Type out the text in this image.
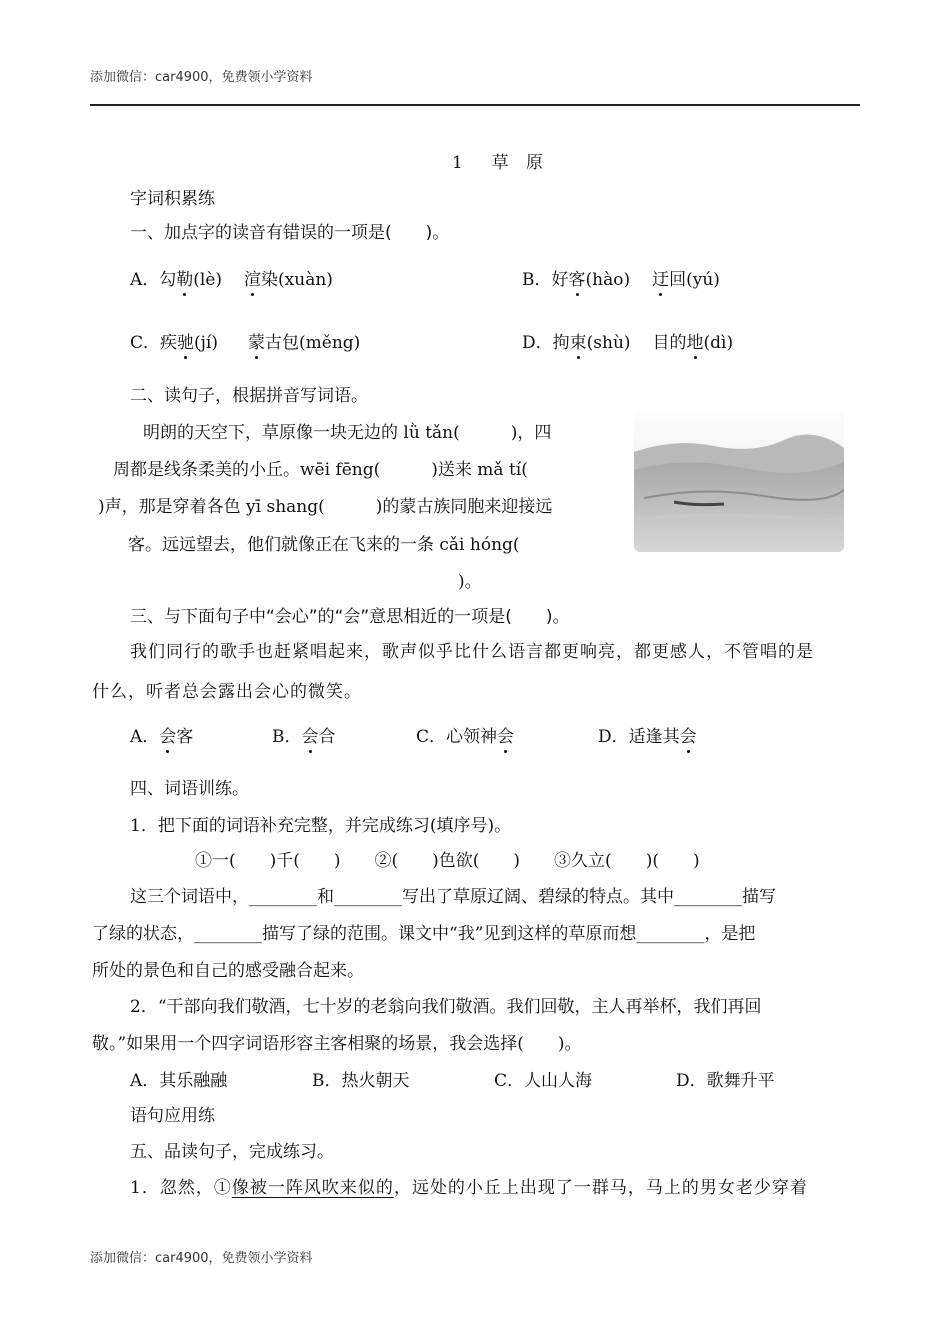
添加微信：car4900，免费领小学资料
1 草 原
字词积累练
一、加点字的读音有错误的一项是(　　)。
A．勾勒(lè) 渲染(xuàn)	B．好客(hào) 迂回(yú)
C．疾驰(jí) 蒙古包(měng)	D．拘束(shù) 目的地(dì)
二、读句子，根据拼音写词语。
明朗的天空下，草原像一块无边的 lǜ tǎn(　　　)，四
周都是线条柔美的小丘。wēi fēng(　　　)送来 mǎ tí(
)声，那是穿着各色 yī shang(　　　)的蒙古族同胞来迎接远
客。远远望去，他们就像正在飞来的一条 cǎi hóng(
)。
三、与下面句子中“会心”的“会”意思相近的一项是(　　)。
我们同行的歌手也赶紧唱起来，歌声似乎比什么语言都更响亮，都更感人，不管唱的是
什么，听者总会露出会心的微笑。
A．会客	B．会合	C．心领神会	D．适逢其会
四、词语训练。
1．把下面的词语补充完整，并完成练习(填序号)。
①一(　　)千(　　)　　②(　　)色欲(　　)　　③久立(　　)(　　)
这三个词语中，________和________写出了草原辽阔、碧绿的特点。其中________描写
了绿的状态，________描写了绿的范围。课文中“我”见到这样的草原而想________，是把
所处的景色和自己的感受融合起来。
2．“干部向我们敬酒，七十岁的老翁向我们敬酒。我们回敬，主人再举杯，我们再回
敬。”如果用一个四字词语形容主客相聚的场景，我会选择(　　)。
A．其乐融融	B．热火朝天	C．人山人海	D．歌舞升平
语句应用练
五、品读句子，完成练习。
1．忽然，①像被一阵风吹来似的，远处的小丘上出现了一群马，马上的男女老少穿着
添加微信：car4900，免费领小学资料
